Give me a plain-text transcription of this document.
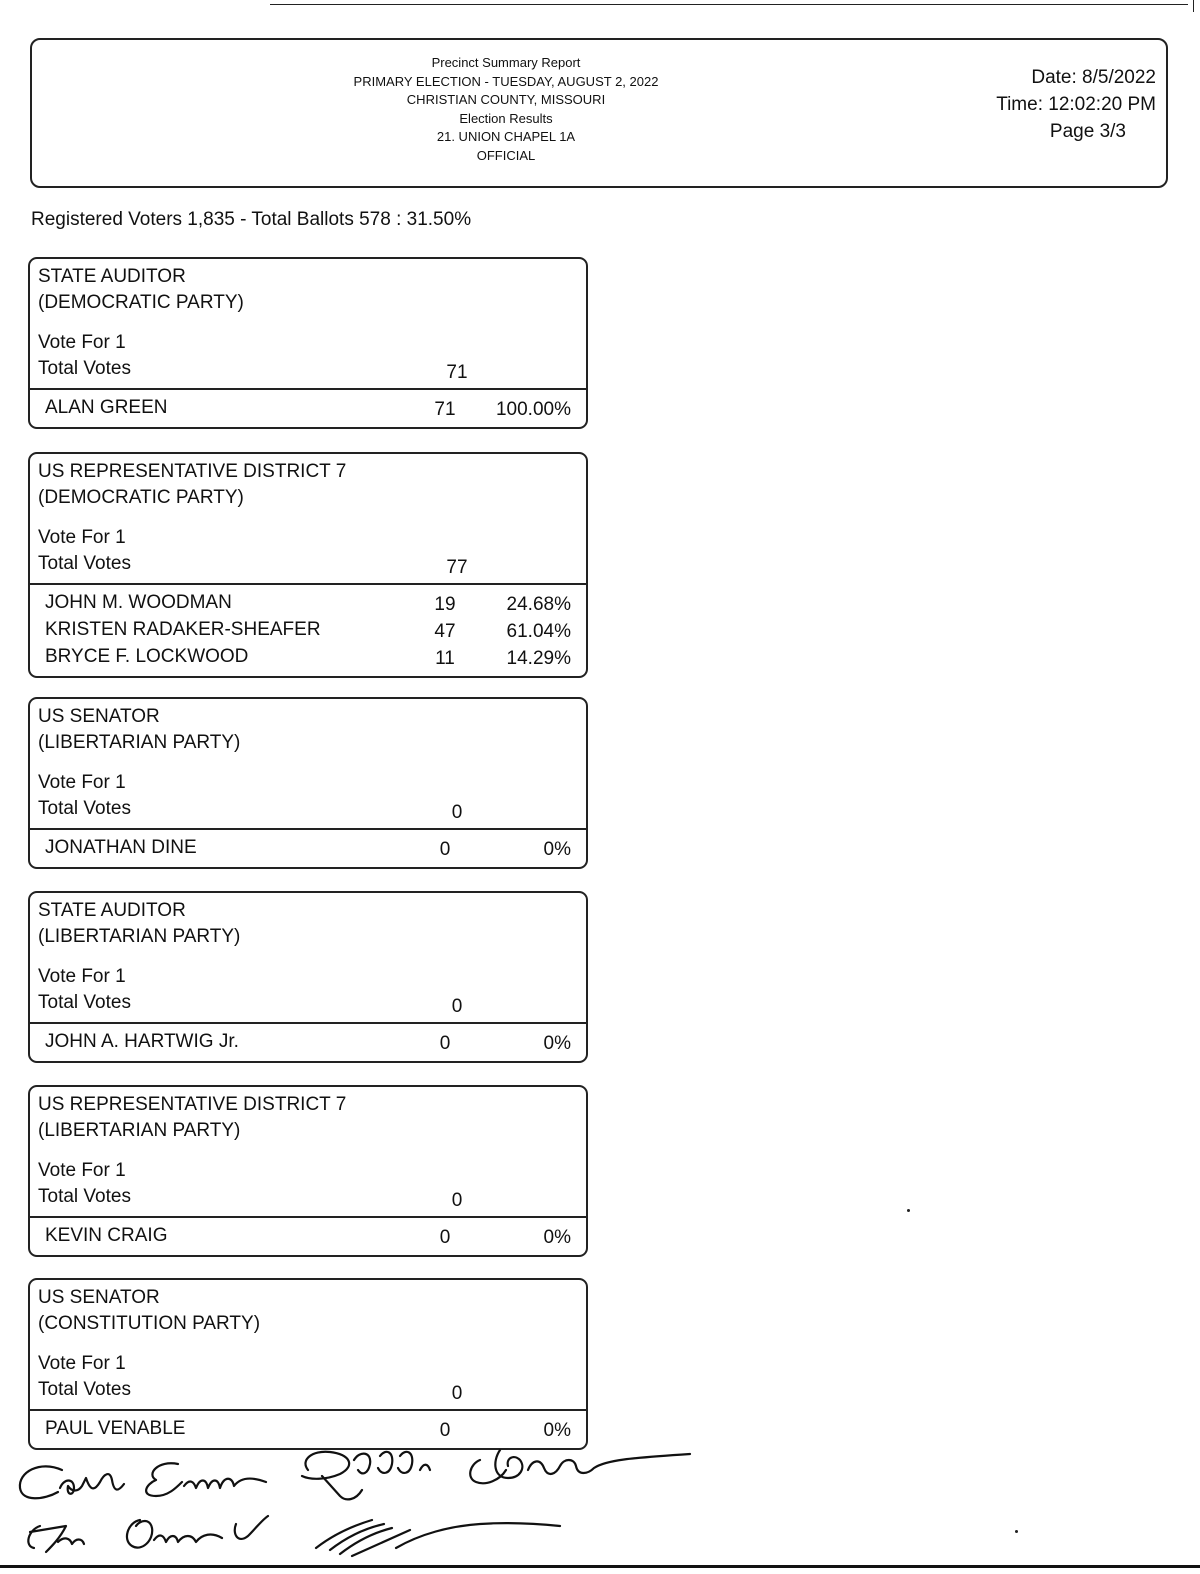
Precinct Summary Report
PRIMARY ELECTION - TUESDAY, AUGUST 2, 2022
CHRISTIAN COUNTY, MISSOURI
Election Results
21. UNION CHAPEL 1A
OFFICIAL
Date: 8/5/2022
Time: 12:02:20 PM
Page 3/3
Registered Voters 1,835 - Total Ballots 578 : 31.50%
STATE AUDITOR
(DEMOCRATIC PARTY)
Vote For 1
Total Votes	71
ALAN GREEN	71	100.00%
US REPRESENTATIVE DISTRICT 7
(DEMOCRATIC PARTY)
Vote For 1
Total Votes	77
JOHN M. WOODMAN	19	24.68%
KRISTEN RADAKER-SHEAFER	47	61.04%
BRYCE F. LOCKWOOD	11	14.29%
US SENATOR
(LIBERTARIAN PARTY)
Vote For 1
Total Votes	0
JONATHAN DINE	0	0%
STATE AUDITOR
(LIBERTARIAN PARTY)
Vote For 1
Total Votes	0
JOHN A. HARTWIG Jr.	0	0%
US REPRESENTATIVE DISTRICT 7
(LIBERTARIAN PARTY)
Vote For 1
Total Votes	0
KEVIN CRAIG	0	0%
US SENATOR
(CONSTITUTION PARTY)
Vote For 1
Total Votes	0
PAUL VENABLE	0	0%
